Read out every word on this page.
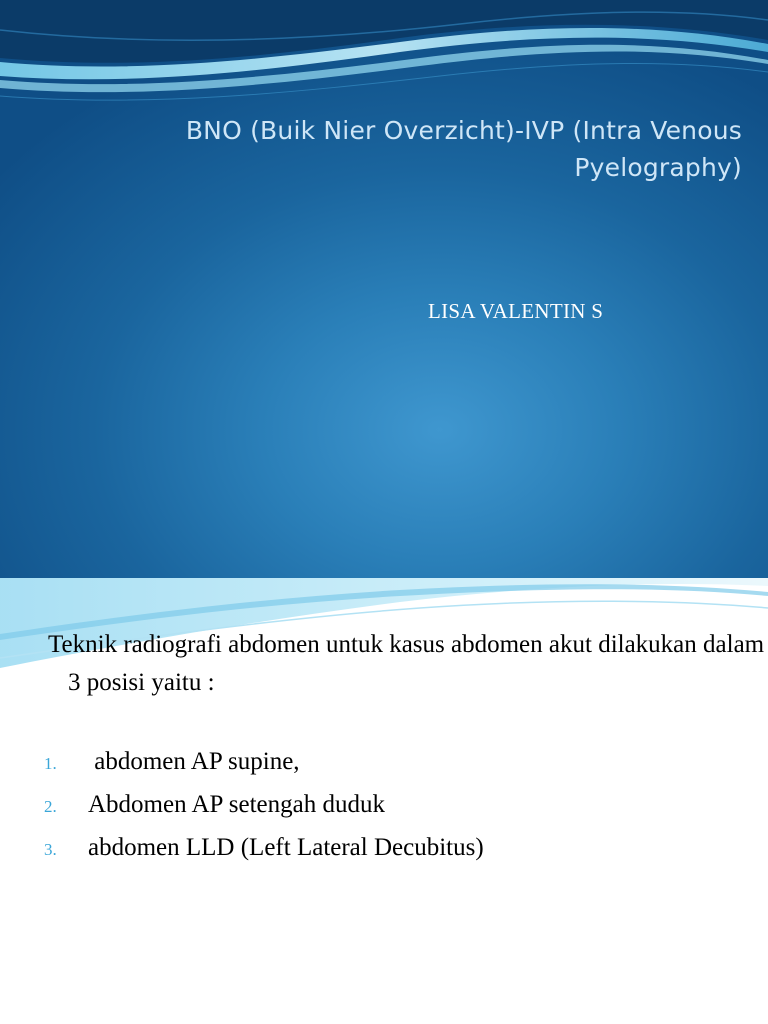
BNO (Buik Nier Overzicht)-IVP (Intra Venous Pyelography)
LISA VALENTIN S
Teknik radiografi abdomen untuk kasus abdomen akut dilakukan dalam 3 posisi yaitu :
1.	abdomen AP supine,
2.	Abdomen AP setengah duduk
3.	abdomen LLD (Left Lateral Decubitus)
